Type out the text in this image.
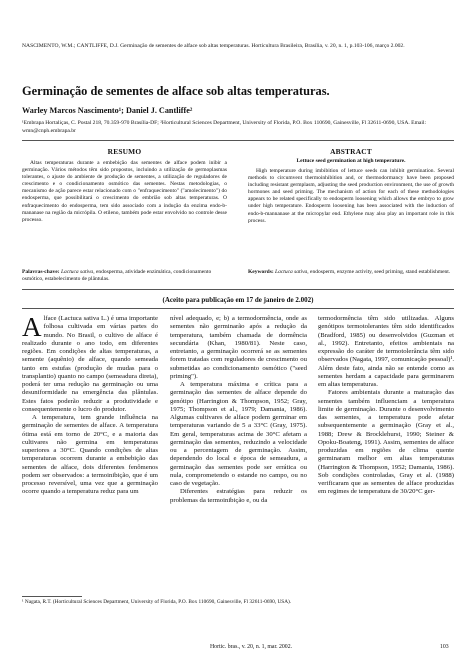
NASCIMENTO, W.M.; CANTLIFFE, D.J. Germinação de sementes de alface sob altas temperaturas. Horticultura Brasileira, Brasília, v. 20, n. 1, p.103-106, março 2.002.
Germinação de sementes de alface sob altas temperaturas.
Warley Marcos Nascimento¹; Daniel J. Cantliffe²
¹Embrapa Hortaliças, C. Postal 218, 70.359-970 Brasília-DF; ²Horticultural Sciences Department, University of Florida, P.O. Box 110690, Gainesville, Fl 32611-0690, USA. Email: wmn@cnph.embrapa.br
RESUMO	ABSTRACT
Altas temperaturas durante a embebição das sementes de alface podem inibir a germinação. Vários métodos têm sido propostos, incluindo a utilização de germoplasmas tolerantes, o ajuste do ambiente de produção de sementes, a utilização de reguladores de crescimento e o condicionamento osmótico das sementes. Nestas metodologias, o mecanismo de ação parece estar relacionado com o "enfraquecimento" ("amolecimento") do endosperma, que possibilitará o crescimento do embrião sob altas temperaturas. O enfraquecimento do endosperma, tem sido associado com a indução da enzima endo-b-mananase na região da micrópila. O etileno, também pode estar envolvido no controle desse processo.
Lettuce seed germination at high temperature.
High temperature during imbibition of lettuce seeds can inhibit germination. Several methods to circumvent thermoinhibition and, or thermodormancy have been proposed including resistant germplasm, adjusting the seed production environment, the use of growth hormones and seed priming. The mechanism of action for each of these methodologies appears to be related specifically to endosperm loosening which allows the embryo to grow under high temperature. Endosperm loosening has been associated with the induction of endo-b-mannanase at the micropylar end. Ethylene may also play an important role in this process.
Palavras-chave: Lactuca sativa, endosperma, atividade enzimática, condicionamento osmótico, estabelecimento de plântulas.
Keywords: Lactuca sativa, endosperm, enzyme activity, seed priming, stand establishment.
(Aceito para publicação em 17 de janeiro de 2.002)

Alface (Lactuca sativa L.) é uma importante folhosa cultivada em várias partes do mundo. No Brasil, o cultivo de alface é realizado durante o ano todo, em diferentes regiões. Em condições de altas temperaturas, a semente (aquênio) de alface, quando semeada tanto em estufas (produção de mudas para o transplantio) quanto no campo (semeadura direta), poderá ter uma redução na germinação ou uma desuniformidade na emergência das plântulas. Estes fatos poderão reduzir a produtividade e consequentemente o lucro do produtor.

A temperatura, tem grande influência na germinação de sementes de alface. A temperatura ótima está em torno de 20°C, e a maioria das cultivares não germina em temperaturas superiores a 30°C. Quando condições de altas temperaturas ocorrem durante a embebição das sementes de alface, dois diferentes fenômenos podem ser observados: a termoinibição, que é um processo reversível, uma vez que a germinação ocorre quando a temperatura reduz para um

nível adequado, e; b) a termodormência, onde as sementes não germinarão após a redução da temperatura, também chamada de dormência secundária (Khan, 1980/81). Neste caso, entretanto, a germinação ocorrerá se as sementes forem tratadas com reguladores de crescimento ou submetidas ao condicionamento osmótico ("seed priming").

A temperatura máxima e crítica para a germinação das sementes de alface depende do genótipo (Harrington & Thompson, 1952; Gray, 1975; Thompson et al., 1979; Damania, 1986). Algumas cultivares de alface podem germinar em temperaturas variando de 5 a 33°C (Gray, 1975). Em geral, temperaturas acima de 30°C afetam a germinação das sementes, reduzindo a velocidade ou a percentagem de germinação. Assim, dependendo do local e época de semeadura, a germinação das sementes pode ser errática ou nula, comprometendo o estande no campo, ou no caso de vegetação.

Diferentes estratégias para reduzir os problemas da termoinibição e, ou da

termodormência têm sido utilizadas. Alguns genótipos termotolerantes têm sido identificados (Bradford, 1985) ou desenvolvidos (Guzman et al., 1992). Entretanto, efeitos ambientais na expressão do caráter de termotolerância têm sido observados (Nagata, 1997, comunicação pessoal)¹. Além deste fato, ainda não se entende como as sementes herdam a capacidade para germinarem em altas temperaturas.

Fatores ambientais durante a maturação das sementes também influenciam a temperatura limite de germinação. Durante o desenvolvimento das sementes, a temperatura pode afetar subsequentemente a germinação (Gray et al., 1988; Drew & Brocklehurst, 1990; Steiner & Opoku-Boateng, 1991). Assim, sementes de alface produzidas em regiões de clima quente germinaram melhor em altas temperaturas (Harrington & Thompson, 1952; Damania, 1986). Sob condições controladas, Gray et al. (1988) verificaram que as sementes de alface produzidas em regimes de temperatura de 30/20°C ger-

¹ Nagata, R.T. (Horticultural Sciences Department, University of Florida, P.O. Box 110690, Gainesville, Fl 32611-0690, USA).
Hortic. bras., v. 20, n. 1, mar. 2002.	103
